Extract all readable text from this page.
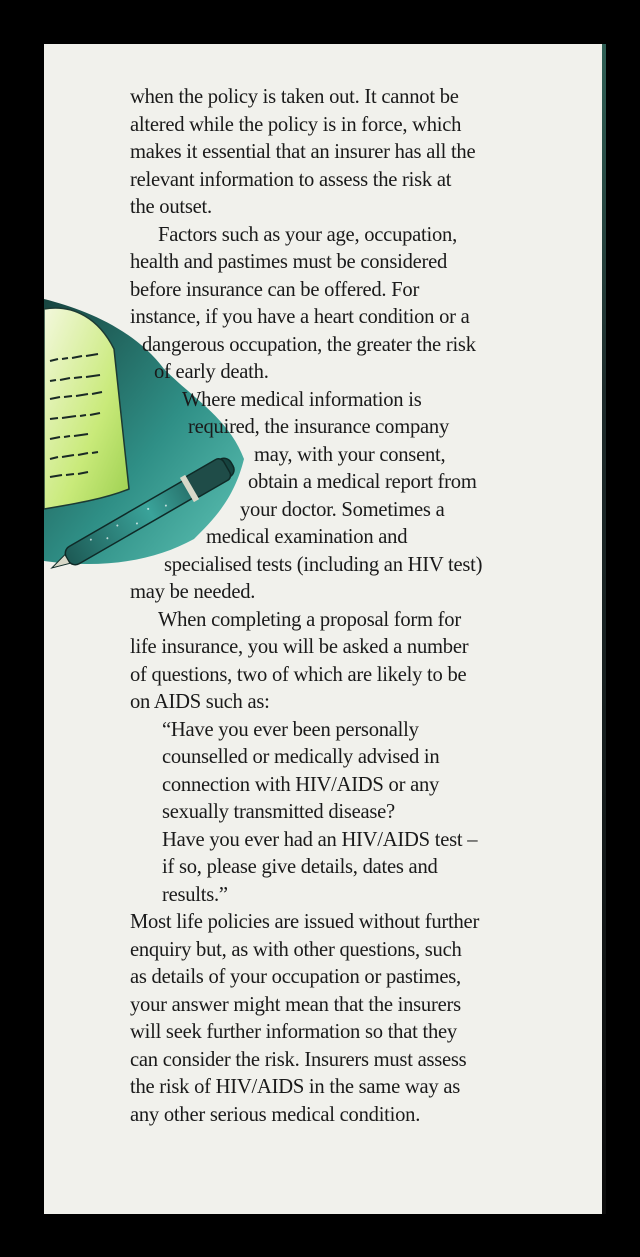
when the policy is taken out. It cannot be
altered while the policy is in force, which
makes it essential that an insurer has all the
relevant information to assess the risk at
the outset.
Factors such as your age, occupation,
health and pastimes must be considered
before insurance can be offered. For
instance, if you have a heart condition or a
dangerous occupation, the greater the risk
of early death.
Where medical information is
required, the insurance company
may, with your consent,
obtain a medical report from
your doctor. Sometimes a
medical examination and
specialised tests (including an HIV test)
may be needed.
When completing a proposal form for
life insurance, you will be asked a number
of questions, two of which are likely to be
on AIDS such as:
“Have you ever been personally
counselled or medically advised in
connection with HIV/AIDS or any
sexually transmitted disease?
Have you ever had an HIV/AIDS test –
if so, please give details, dates and
results.”
Most life policies are issued without further
enquiry but, as with other questions, such
as details of your occupation or pastimes,
your answer might mean that the insurers
will seek further information so that they
can consider the risk. Insurers must assess
the risk of HIV/AIDS in the same way as
any other serious medical condition.
